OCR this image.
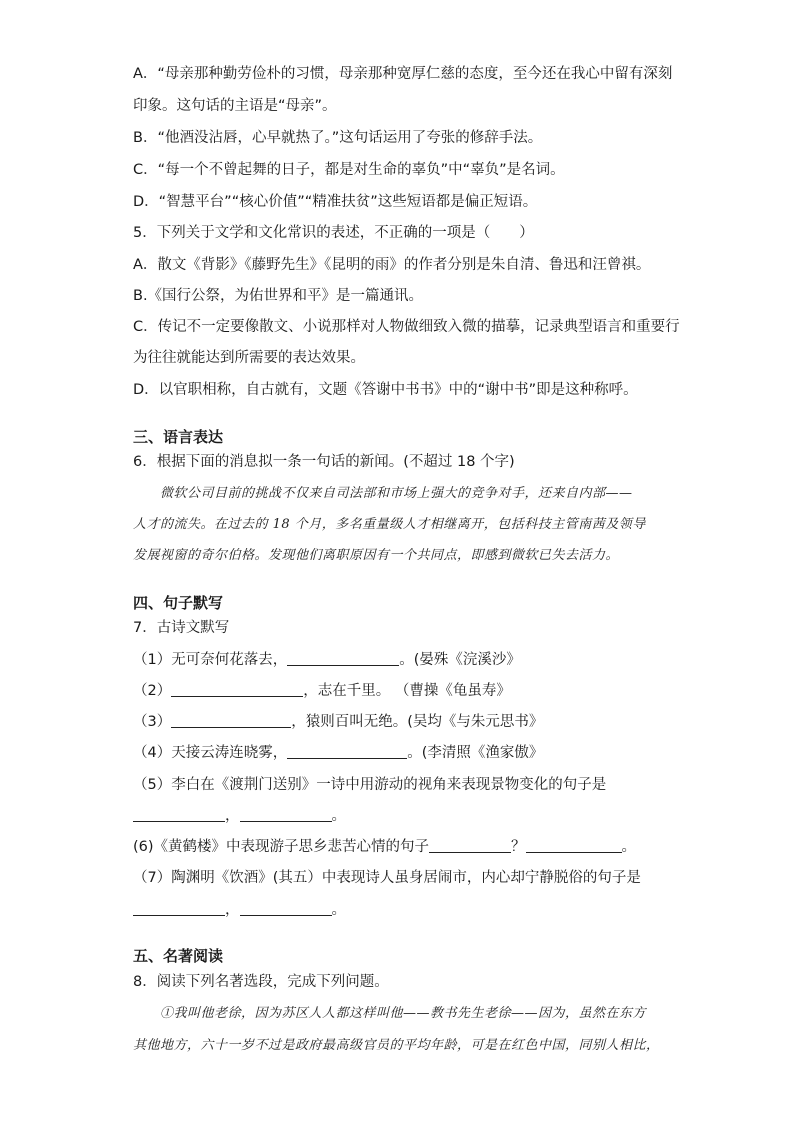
A．“母亲那种勤劳俭朴的习惯，母亲那种宽厚仁慈的态度，至今还在我心中留有深刻
印象。这句话的主语是“母亲”。
B．“他酒没沾唇，心早就热了。”这句话运用了夸张的修辞手法。
C．“每一个不曾起舞的日子，都是对生命的辜负”中“辜负”是名词。
D．“智慧平台”“核心价值”“精准扶贫”这些短语都是偏正短语。
5．下列关于文学和文化常识的表述，不正确的一项是（　　）
A．散文《背影》《藤野先生》《昆明的雨》的作者分别是朱自清、鲁迅和汪曾祺。
B.《国行公祭，为佑世界和平》是一篇通讯。
C．传记不一定要像散文、小说那样对人物做细致入微的描摹，记录典型语言和重要行
为往往就能达到所需要的表达效果。
D．以官职相称，自古就有，文题《答谢中书书》中的“谢中书”即是这种称呼。
三、语言表达
6．根据下面的消息拟一条一句话的新闻。(不超过 18 个字)
微软公司目前的挑战不仅来自司法部和市场上强大的竞争对手，还来自内部——
人才的流失。在过去的 18 个月，多名重量级人才相继离开，包括科技主管南茜及领导
发展视窗的奇尔伯格。发现他们离职原因有一个共同点，即感到微软已失去活力。
四、句子默写
7．古诗文默写
（1）无可奈何花落去，	。(晏殊《浣溪沙》
（2）	，志在千里。 （曹操《龟虽寿》
（3）	，猿则百叫无绝。(吴均《与朱元思书》
（4）天接云涛连晓雾，	。(李清照《渔家傲》
（5）李白在《渡荆门送别》一诗中用游动的视角来表现景物变化的句子是
，	。
(6)《黄鹤楼》中表现游子思乡悲苦心情的句子	？	。
（7）陶渊明《饮酒》(其五）中表现诗人虽身居闹市，内心却宁静脱俗的句子是
，	。
五、名著阅读
8．阅读下列名著选段，完成下列问题。
①我叫他老徐，因为苏区人人都这样叫他——教书先生老徐——因为，虽然在东方
其他地方，六十一岁不过是政府最高级官员的平均年龄，可是在红色中国，同别人相比，
